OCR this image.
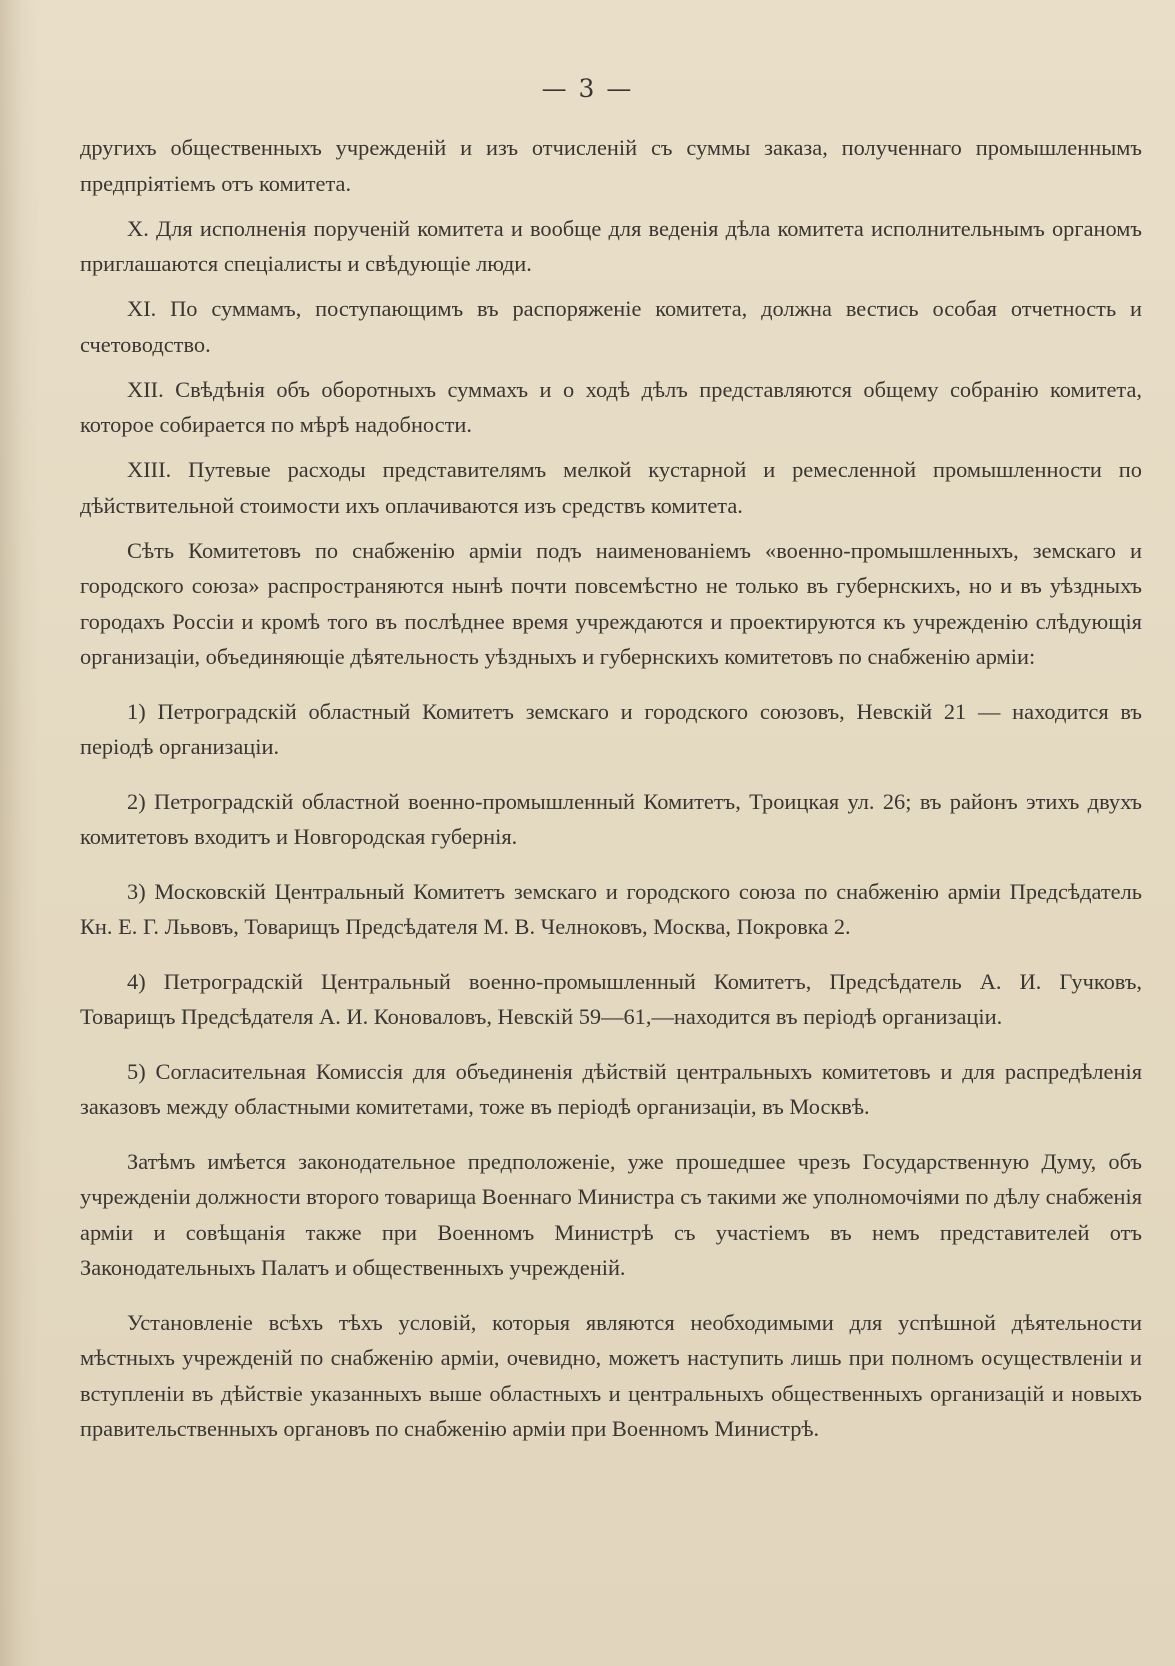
— 3 —

другихъ общественныхъ учрежденій и изъ отчисленій съ суммы заказа, полученнаго промышленнымъ предпріятіемъ отъ комитета.

X. Для исполненія порученій комитета и вообще для веденія дѣла комитета исполнительнымъ органомъ приглашаются спеціалисты и свѣдующіе люди.

XI. По суммамъ, поступающимъ въ распоряженіе комитета, должна вестись особая отчетность и счетоводство.

XII. Свѣдѣнія объ оборотныхъ суммахъ и о ходѣ дѣлъ представляются общему собранію комитета, которое собирается по мѣрѣ надобности.

XIII. Путевые расходы представителямъ мелкой кустарной и ремесленной промышленности по дѣйствительной стоимости ихъ оплачиваются изъ средствъ комитета.

Сѣть Комитетовъ по снабженію арміи подъ наименованіемъ «военно-промышленныхъ, земскаго и городского союза» распространяются нынѣ почти повсемѣстно не только въ губернскихъ, но и въ уѣздныхъ городахъ Россіи и кромѣ того въ послѣднее время учреждаются и проектируются къ учрежденію слѣдующія организаціи, объединяющіе дѣятельность уѣздныхъ и губернскихъ комитетовъ по снабженію арміи:

1) Петроградскій областный Комитетъ земскаго и городского союзовъ, Невскій 21 — находится въ періодѣ организаціи.

2) Петроградскій областной военно-промышленный Комитетъ, Троицкая ул. 26; въ районъ этихъ двухъ комитетовъ входитъ и Новгородская губернія.

3) Московскій Центральный Комитетъ земскаго и городского союза по снабженію арміи Предсѣдатель Кн. Е. Г. Львовъ, Товарищъ Предсѣдателя М. В. Челноковъ, Москва, Покровка 2.

4) Петроградскій Центральный военно-промышленный Комитетъ, Предсѣдатель А. И. Гучковъ, Товарищъ Предсѣдателя А. И. Коноваловъ, Невскій 59—61,—находится въ періодѣ организаціи.

5) Согласительная Комиссія для объединенія дѣйствій центральныхъ комитетовъ и для распредѣленія заказовъ между областными комитетами, тоже въ періодѣ организаціи, въ Москвѣ.

Затѣмъ имѣется законодательное предположеніе, уже прошедшее чрезъ Государственную Думу, объ учрежденіи должности второго товарища Военнаго Министра съ такими же уполномочіями по дѣлу снабженія арміи и совѣщанія также при Военномъ Министрѣ съ участіемъ въ немъ представителей отъ Законодательныхъ Палатъ и общественныхъ учрежденій.

Установленіе всѣхъ тѣхъ условій, которыя являются необходимыми для успѣшной дѣятельности мѣстныхъ учрежденій по снабженію арміи, очевидно, можетъ наступить лишь при полномъ осуществленіи и вступленіи въ дѣйствіе указанныхъ выше областныхъ и центральныхъ общественныхъ организацій и новыхъ правительственныхъ органовъ по снабженію арміи при Военномъ Министрѣ.
